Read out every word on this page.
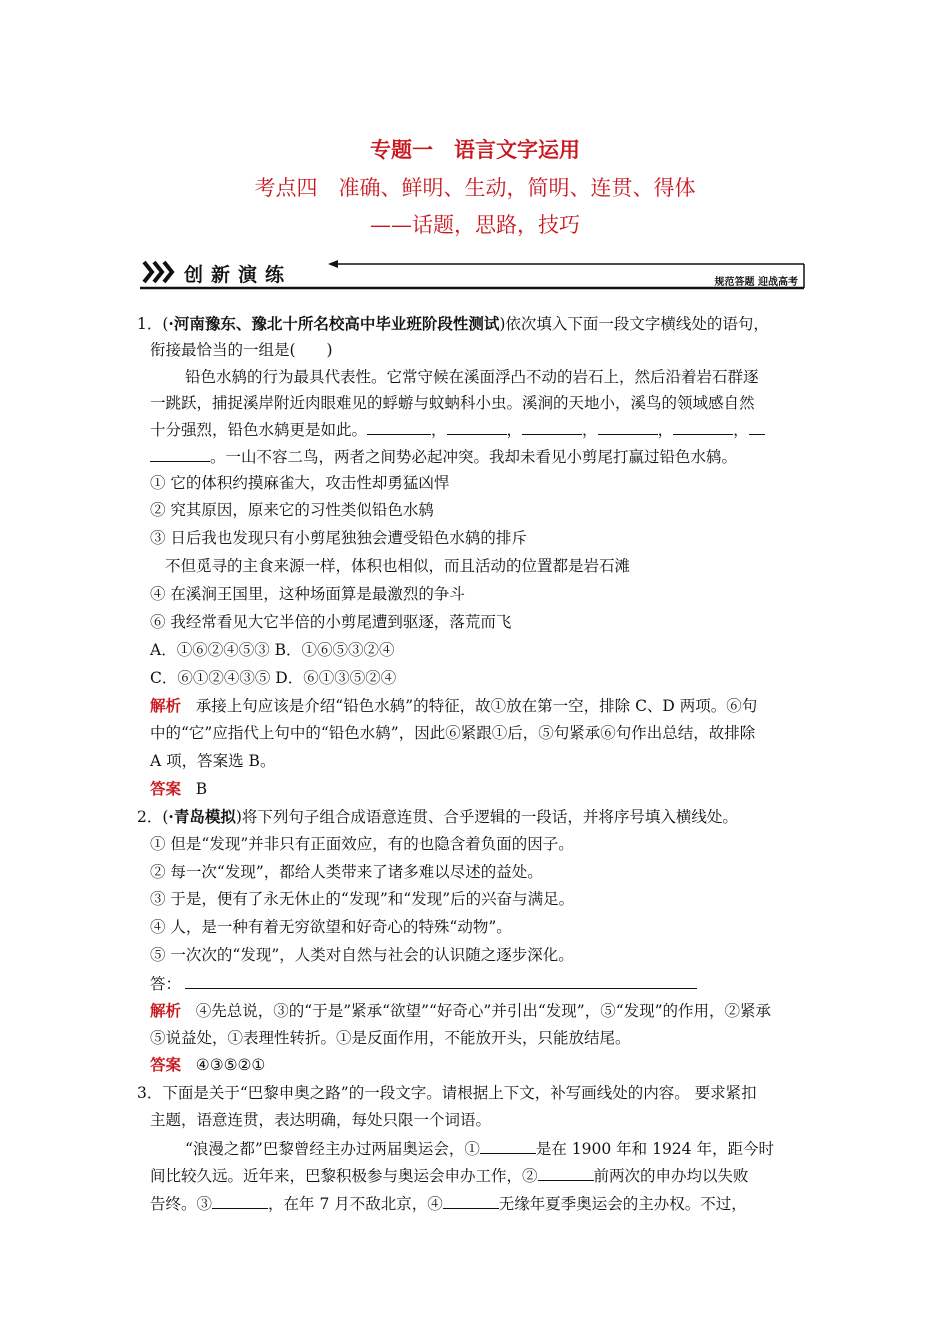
专题一　语言文字运用
考点四　准确、鲜明、生动，简明、连贯、得体
——话题，思路，技巧
创新演练	规范答题 迎战高考
1．(·河南豫东、豫北十所名校高中毕业班阶段性测试)依次填入下面一段文字横线处的语句，
衔接最恰当的一组是(　　)
铅色水鸫的行为最具代表性。它常守候在溪面浮凸不动的岩石上，然后沿着岩石群逐
一跳跃，捕捉溪岸附近肉眼难见的蜉蝣与蚊蚋科小虫。溪涧的天地小，溪鸟的领域感自然
十分强烈，铅色水鸫更是如此。	，	，	，	，	，
。一山不容二鸟，两者之间势必起冲突。我却未看见小剪尾打赢过铅色水鸫。
① 它的体积约摸麻雀大，攻击性却勇猛凶悍
② 究其原因，原来它的习性类似铅色水鸫
③ 日后我也发现只有小剪尾独独会遭受铅色水鸫的排斥
不但觅寻的主食来源一样，体积也相似，而且活动的位置都是岩石滩
④ 在溪涧王国里，这种场面算是最激烈的争斗
⑥ 我经常看见大它半倍的小剪尾遭到驱逐，落荒而飞
A．①⑥②④⑤③ B．①⑥⑤③②④
C．⑥①②④③⑤ D．⑥①③⑤②④
解析 承接上句应该是介绍“铅色水鸫”的特征，故①放在第一空，排除 C、D 两项。⑥句
中的“它”应指代上句中的“铅色水鸫”，因此⑥紧跟①后，⑤句紧承⑥句作出总结，故排除
A 项，答案选 B。
答案 B
2．(·青岛模拟)将下列句子组合成语意连贯、合乎逻辑的一段话，并将序号填入横线处。
① 但是“发现”并非只有正面效应，有的也隐含着负面的因子。
② 每一次“发现”，都给人类带来了诸多难以尽述的益处。
③ 于是，便有了永无休止的“发现”和“发现”后的兴奋与满足。
④ 人，是一种有着无穷欲望和好奇心的特殊“动物”。
⑤ 一次次的“发现”，人类对自然与社会的认识随之逐步深化。
答：
解析 ④先总说，③的“于是”紧承“欲望”“好奇心”并引出“发现”，⑤“发现”的作用，②紧承
⑤说益处，①表理性转折。①是反面作用，不能放开头，只能放结尾。
答案 ④③⑤②①
3．下面是关于“巴黎申奥之路”的一段文字。请根据上下文，补写画线处的内容。 要求紧扣
主题，语意连贯，表达明确，每处只限一个词语。
“浪漫之都”巴黎曾经主办过两届奥运会，①	是在 1900 年和 1924 年，距今时
间比较久远。近年来，巴黎积极参与奥运会申办工作，②	前两次的申办均以失败
告终。③	，在年 7 月不敌北京，④	无缘年夏季奥运会的主办权。不过，
